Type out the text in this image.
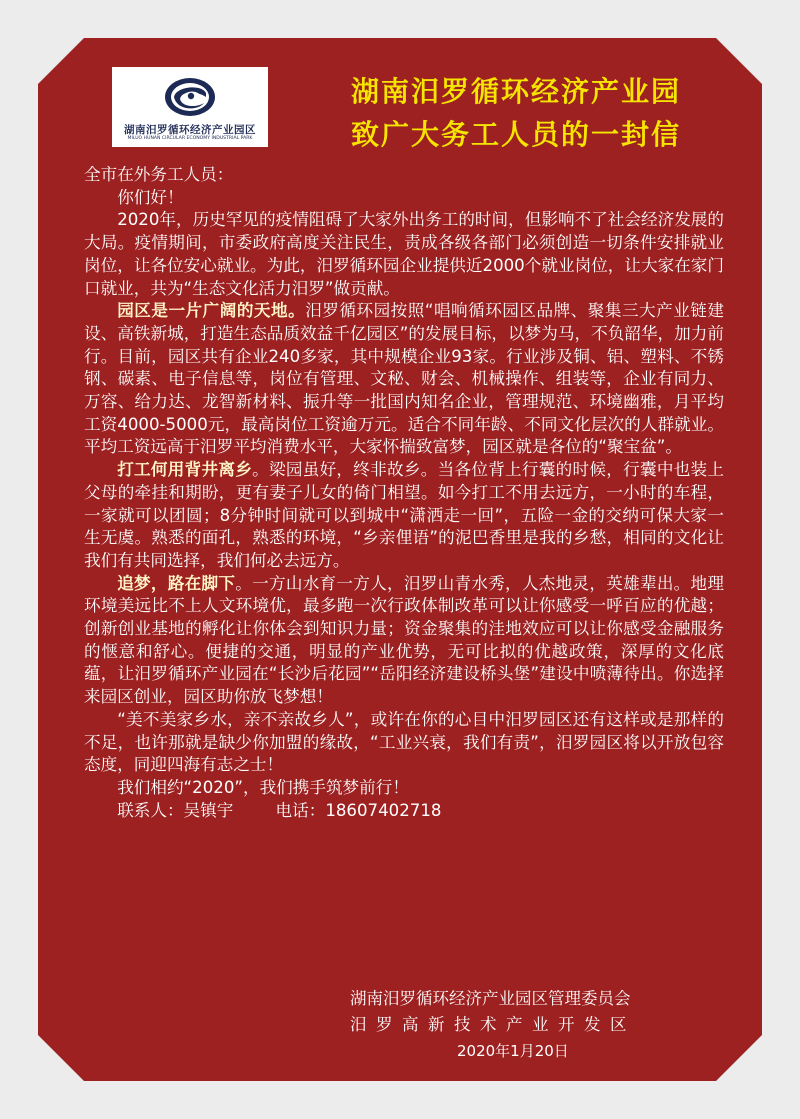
湖南汨罗循环经济产业园区
MILUO HUNAN CIRCULAR ECONOMY INDUSTRIAL PARK
湖南汨罗循环经济产业园
致广大务工人员的一封信

全市在外务工人员：

你们好！

2020年，历史罕见的疫情阻碍了大家外出务工的时间，但影响不了社会经济发展的大局。疫情期间，市委政府高度关注民生，责成各级各部门必须创造一切条件安排就业岗位，让各位安心就业。为此，汨罗循环园企业提供近2000个就业岗位，让大家在家门口就业，共为“生态文化活力汨罗”做贡献。

园区是一片广阔的天地。汨罗循环园按照“唱响循环园区品牌、聚集三大产业链建设、高铁新城，打造生态品质效益千亿园区”的发展目标，以梦为马，不负韶华，加力前行。目前，园区共有企业240多家，其中规模企业93家。行业涉及铜、铝、塑料、不锈钢、碳素、电子信息等，岗位有管理、文秘、财会、机械操作、组装等，企业有同力、万容、给力达、龙智新材料、振升等一批国内知名企业，管理规范、环境幽雅，月平均工资4000-5000元，最高岗位工资逾万元。适合不同年龄、不同文化层次的人群就业。平均工资远高于汨罗平均消费水平，大家怀揣致富梦，园区就是各位的“聚宝盆”。

打工何用背井离乡。梁园虽好，终非故乡。当各位背上行囊的时候，行囊中也装上父母的牵挂和期盼，更有妻子儿女的倚门相望。如今打工不用去远方，一小时的车程，一家就可以团圆；8分钟时间就可以到城中“潇洒走一回”，五险一金的交纳可保大家一生无虞。熟悉的面孔，熟悉的环境，“乡亲俚语”的泥巴香里是我的乡愁，相同的文化让我们有共同选择，我们何必去远方。

追梦，路在脚下。一方山水育一方人，汨罗山青水秀，人杰地灵，英雄辈出。地理环境美远比不上人文环境优，最多跑一次行政体制改革可以让你感受一呼百应的优越；创新创业基地的孵化让你体会到知识力量；资金聚集的洼地效应可以让你感受金融服务的惬意和舒心。便捷的交通，明显的产业优势，无可比拟的优越政策，深厚的文化底蕴，让汨罗循环产业园在“长沙后花园”“岳阳经济建设桥头堡”建设中喷薄待出。你选择来园区创业，园区助你放飞梦想！

“美不美家乡水，亲不亲故乡人”，或许在你的心目中汨罗园区还有这样或是那样的不足，也许那就是缺少你加盟的缘故，“工业兴衰，我们有责”，汨罗园区将以开放包容态度，同迎四海有志之士！

我们相约“2020”，我们携手筑梦前行！

联系人：吴镇宇        电话：18607402718

湖南汨罗循环经济产业园区管理委员会
汨罗高新技术产业开发区
2020年1月20日
